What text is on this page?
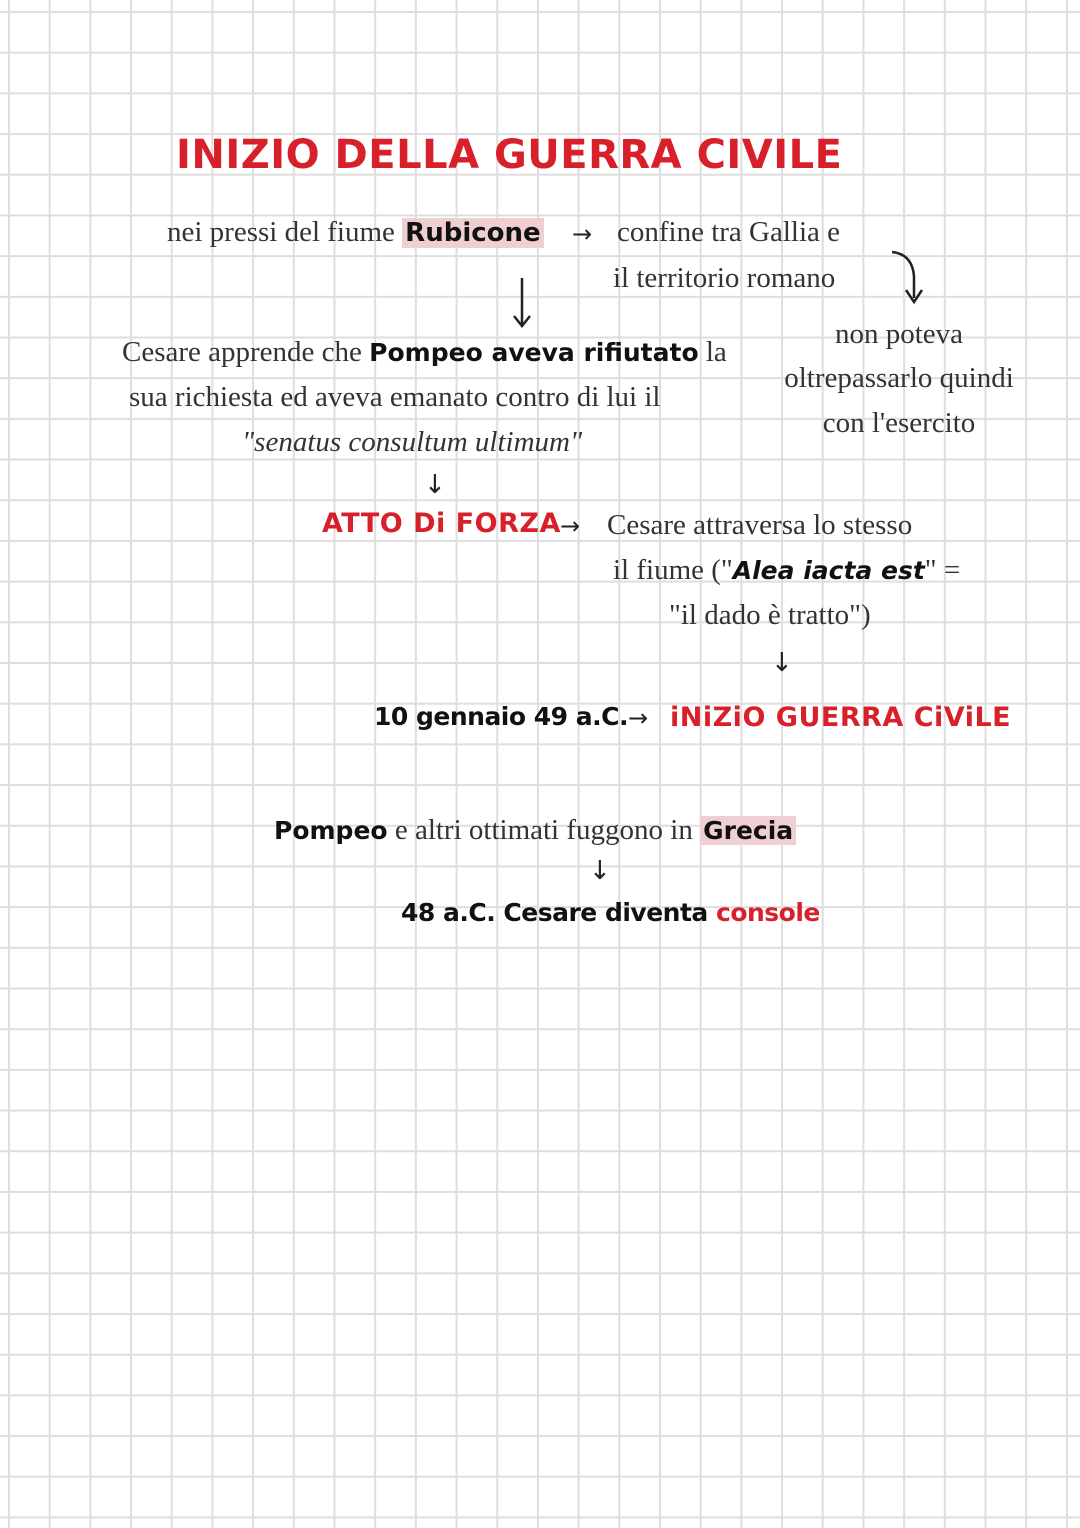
INIZIO DELLA GUERRA CIVILE
nei pressi del fiume Rubicone → confine tra Gallia e
il territorio romano
non poteva
oltrepassarlo quindi
con l'esercito
Cesare apprende che Pompeo aveva rifiutato la
sua richiesta ed aveva emanato contro di lui il
"senatus consultum ultimum"
↓
ATTO Di FORZA → Cesare attraversa lo stesso
il fiume ("Alea iacta est" =
"il dado è tratto")
↓
10 gennaio 49 a.C. → iNiZiO GUERRA CiViLE
Pompeo e altri ottimati fuggono in Grecia
↓
48 a.C. Cesare diventa console
